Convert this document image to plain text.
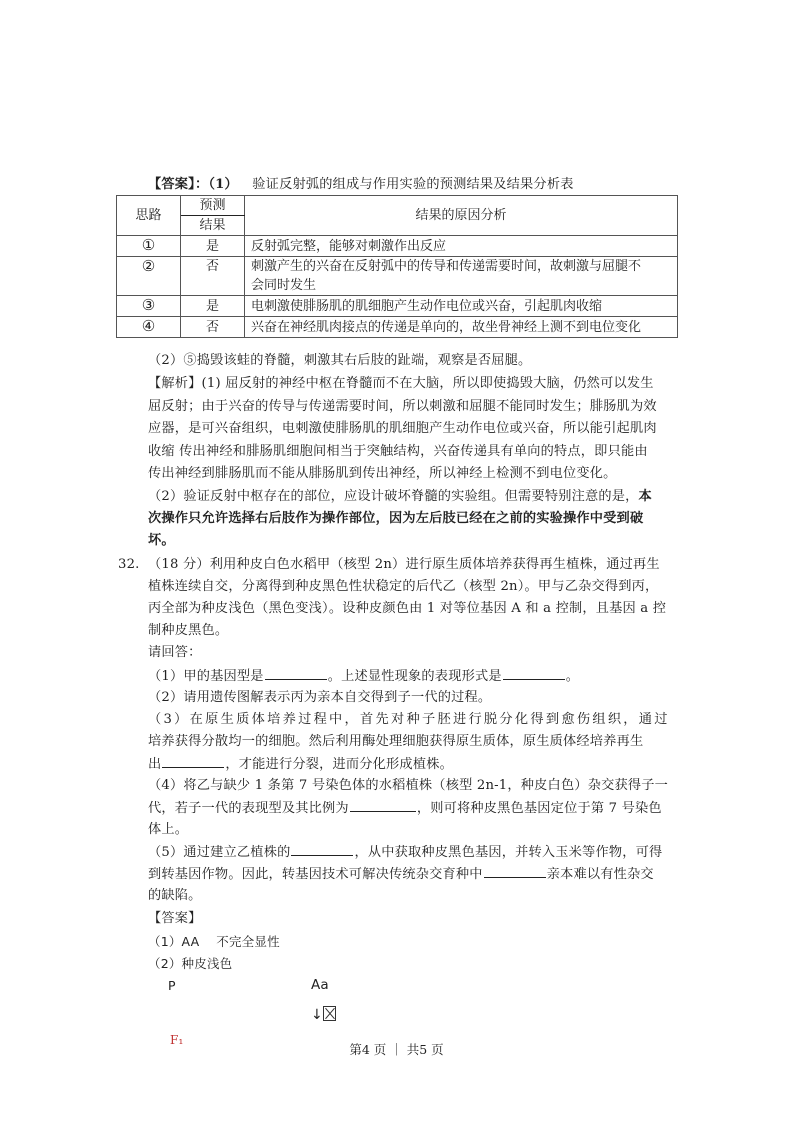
【答案】：（1） 验证反射弧的组成与作用实验的预测结果及结果分析表
思路	预测	结果的原因分析
	结果	
①	是	反射弧完整，能够对刺激作出反应
②	否	刺激产生的兴奋在反射弧中的传导和传递需要时间，故刺激与屈腿不
会同时发生

③	是	电刺激使腓肠肌的肌细胞产生动作电位或兴奋，引起肌肉收缩
④	否	兴奋在神经肌肉接点的传递是单向的，故坐骨神经上测不到电位变化
（2）⑤捣毁该蛙的脊髓，刺激其右后肢的趾端，观察是否屈腿。
【解析】(1) 屈反射的神经中枢在脊髓而不在大脑，所以即使捣毁大脑，仍然可以发生
屈反射；由于兴奋的传导与传递需要时间，所以刺激和屈腿不能同时发生；腓肠肌为效
应器，是可兴奋组织，电刺激使腓肠肌的肌细胞产生动作电位或兴奋，所以能引起肌肉
收缩 传出神经和腓肠肌细胞间相当于突触结构，兴奋传递具有单向的特点，即只能由
传出神经到腓肠肌而不能从腓肠肌到传出神经，所以神经上检测不到电位变化。
（2）验证反射中枢存在的部位，应设计破坏脊髓的实验组。但需要特别注意的是，本
次操作只允许选择右后肢作为操作部位，因为左后肢已经在之前的实验操作中受到破
坏。
32. （18 分）利用种皮白色水稻甲（核型 2n）进行原生质体培养获得再生植株，通过再生
植株连续自交，分离得到种皮黑色性状稳定的后代乙（核型 2n）。甲与乙杂交得到丙，
丙全部为种皮浅色（黑色变浅）。设种皮颜色由 1 对等位基因 A 和 a 控制，且基因 a 控
制种皮黑色。
请回答：
（1）甲的基因型是	。上述显性现象的表现形式是	。
（2）请用遗传图解表示丙为亲本自交得到子一代的过程。
（3）在原生质体培养过程中，首先对种子胚进行脱分化得到愈伤组织，通过
培养获得分散均一的细胞。然后利用酶处理细胞获得原生质体，原生质体经培养再生
出	，才能进行分裂，进而分化形成植株。
（4）将乙与缺少 1 条第 7 号染色体的水稻植株（核型 2n-1，种皮白色）杂交获得子一
代，若子一代的表现型及其比例为	，则可将种皮黑色基因定位于第 7 号染色
体上。
（5）通过建立乙植株的	，从中获取种皮黑色基因，并转入玉米等作物，可得
到转基因作物。因此，转基因技术可解决传统杂交育种中	亲本难以有性杂交
的缺陷。
【答案】
（1）AA　 不完全显性
（2）种皮浅色
P	Aa
↓
F₁
第4 页 ｜ 共5 页
